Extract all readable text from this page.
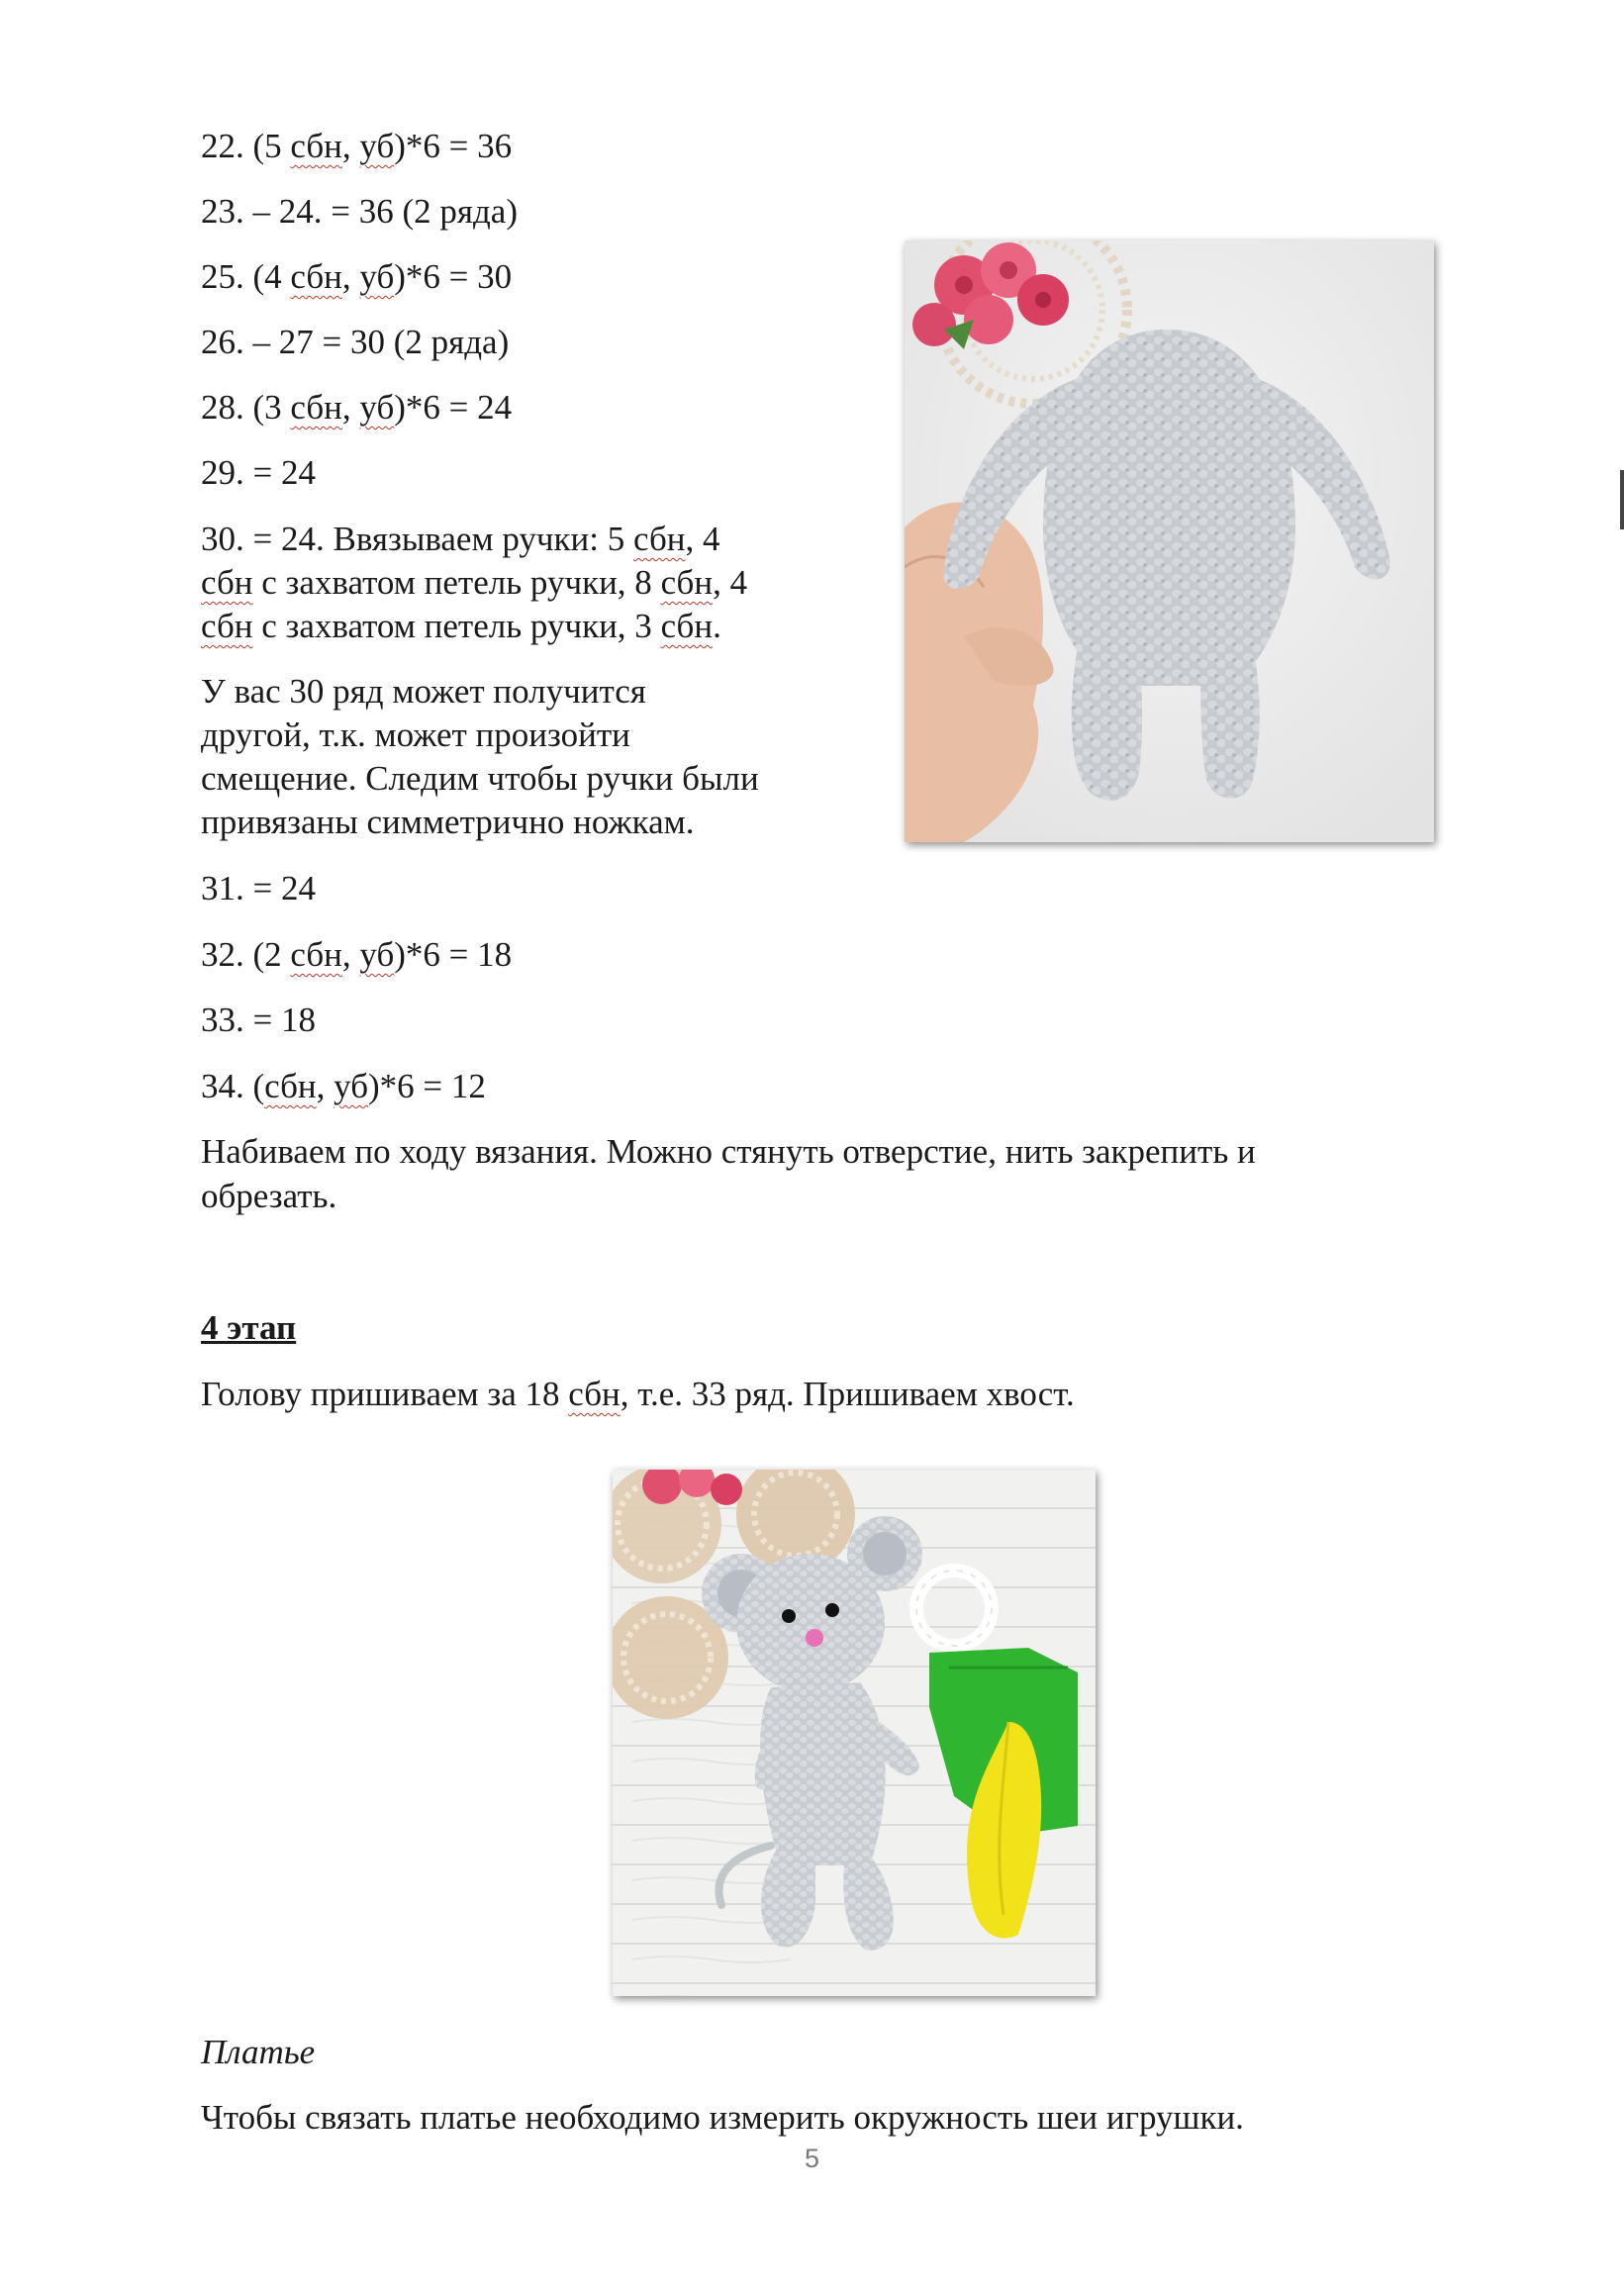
22. (5 сбн, уб)*6 = 36
23. – 24. = 36 (2 ряда)
25. (4 сбн, уб)*6 = 30
26. – 27 = 30 (2 ряда)
28. (3 сбн, уб)*6 = 24
29. = 24
30. = 24. Ввязываем ручки: 5 сбн, 4
сбн с захватом петель ручки, 8 сбн, 4
сбн с захватом петель ручки, 3 сбн.
У вас 30 ряд может получится
другой, т.к. может произойти
смещение. Следим чтобы ручки были
привязаны симметрично ножкам.
31. = 24
32. (2 сбн, уб)*6 = 18
33. = 18
34. (сбн, уб)*6 = 12
Набиваем по ходу вязания. Можно стянуть отверстие, нить закрепить и
обрезать.
4 этап
Голову пришиваем за 18 сбн, т.е. 33 ряд. Пришиваем хвост.
Платье
Чтобы связать платье необходимо измерить окружность шеи игрушки.
5
